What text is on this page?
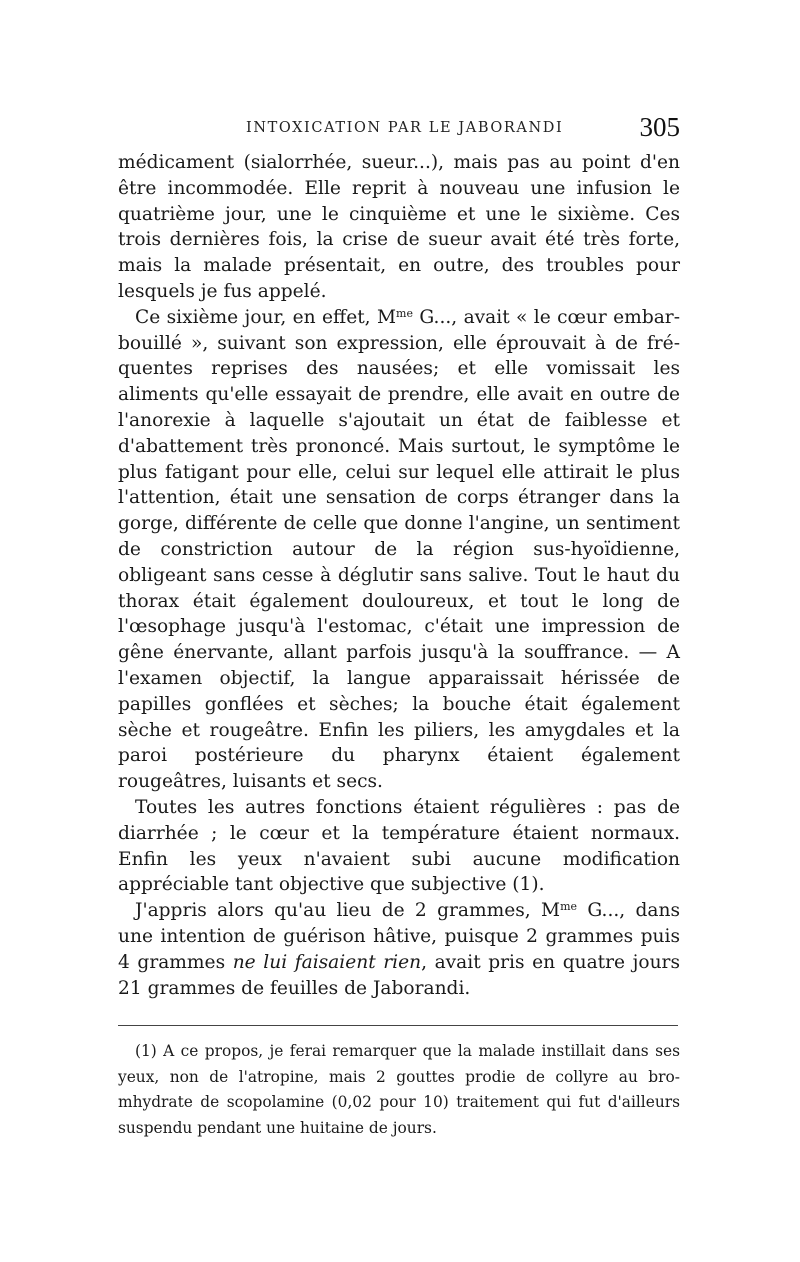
INTOXICATION PAR LE JABORANDI	305

médicament (sialorrhée, sueur...), mais pas au point d'en être incommodée. Elle reprit à nouveau une infusion le quatrième jour, une le cinquième et une le sixième. Ces trois dernières fois, la crise de sueur avait été très forte, mais la malade présentait, en outre, des troubles pour lesquels je fus appelé.

Ce sixième jour, en effet, $M^{me}$ G..., avait « le cœur embarbouillé », suivant son expression, elle éprouvait à de fréquentes reprises des nausées; et elle vomissait les aliments qu'elle essayait de prendre, elle avait en outre de l'anorexie à laquelle s'ajoutait un état de faiblesse et d'abattement très prononcé. Mais surtout, le symptôme le plus fatigant pour elle, celui sur lequel elle attirait le plus l'attention, était une sensation de corps étranger dans la gorge, différente de celle que donne l'angine, un sentiment de constriction autour de la région sus-hyoïdienne, obligeant sans cesse à déglutir sans salive. Tout le haut du thorax était également douloureux, et tout le long de l'œsophage jusqu'à l'estomac, c'était une impression de gêne énervante, allant parfois jusqu'à la souffrance. — A l'examen objectif, la langue apparaissait hérissée de papilles gonflées et sèches; la bouche était également sèche et rougeâtre. Enfin les piliers, les amygdales et la paroi postérieure du pharynx étaient également rougeâtres, luisants et secs.

Toutes les autres fonctions étaient régulières : pas de diarrhée ; le cœur et la température étaient normaux. Enfin les yeux n'avaient subi aucune modification appréciable tant objective que subjective (1).

J'appris alors qu'au lieu de 2 grammes, $M^{me}$ G..., dans une intention de guérison hâtive, puisque 2 grammes puis 4 grammes ne lui faisaient rien, avait pris en quatre jours 21 grammes de feuilles de Jaborandi.

(1) A ce propos, je ferai remarquer que la malade instillait dans ses yeux, non de l'atropine, mais 2 gouttes prodie de collyre au bromhydrate de scopolamine (0,02 pour 10) traitement qui fut d'ailleurs suspendu pendant une huitaine de jours.
